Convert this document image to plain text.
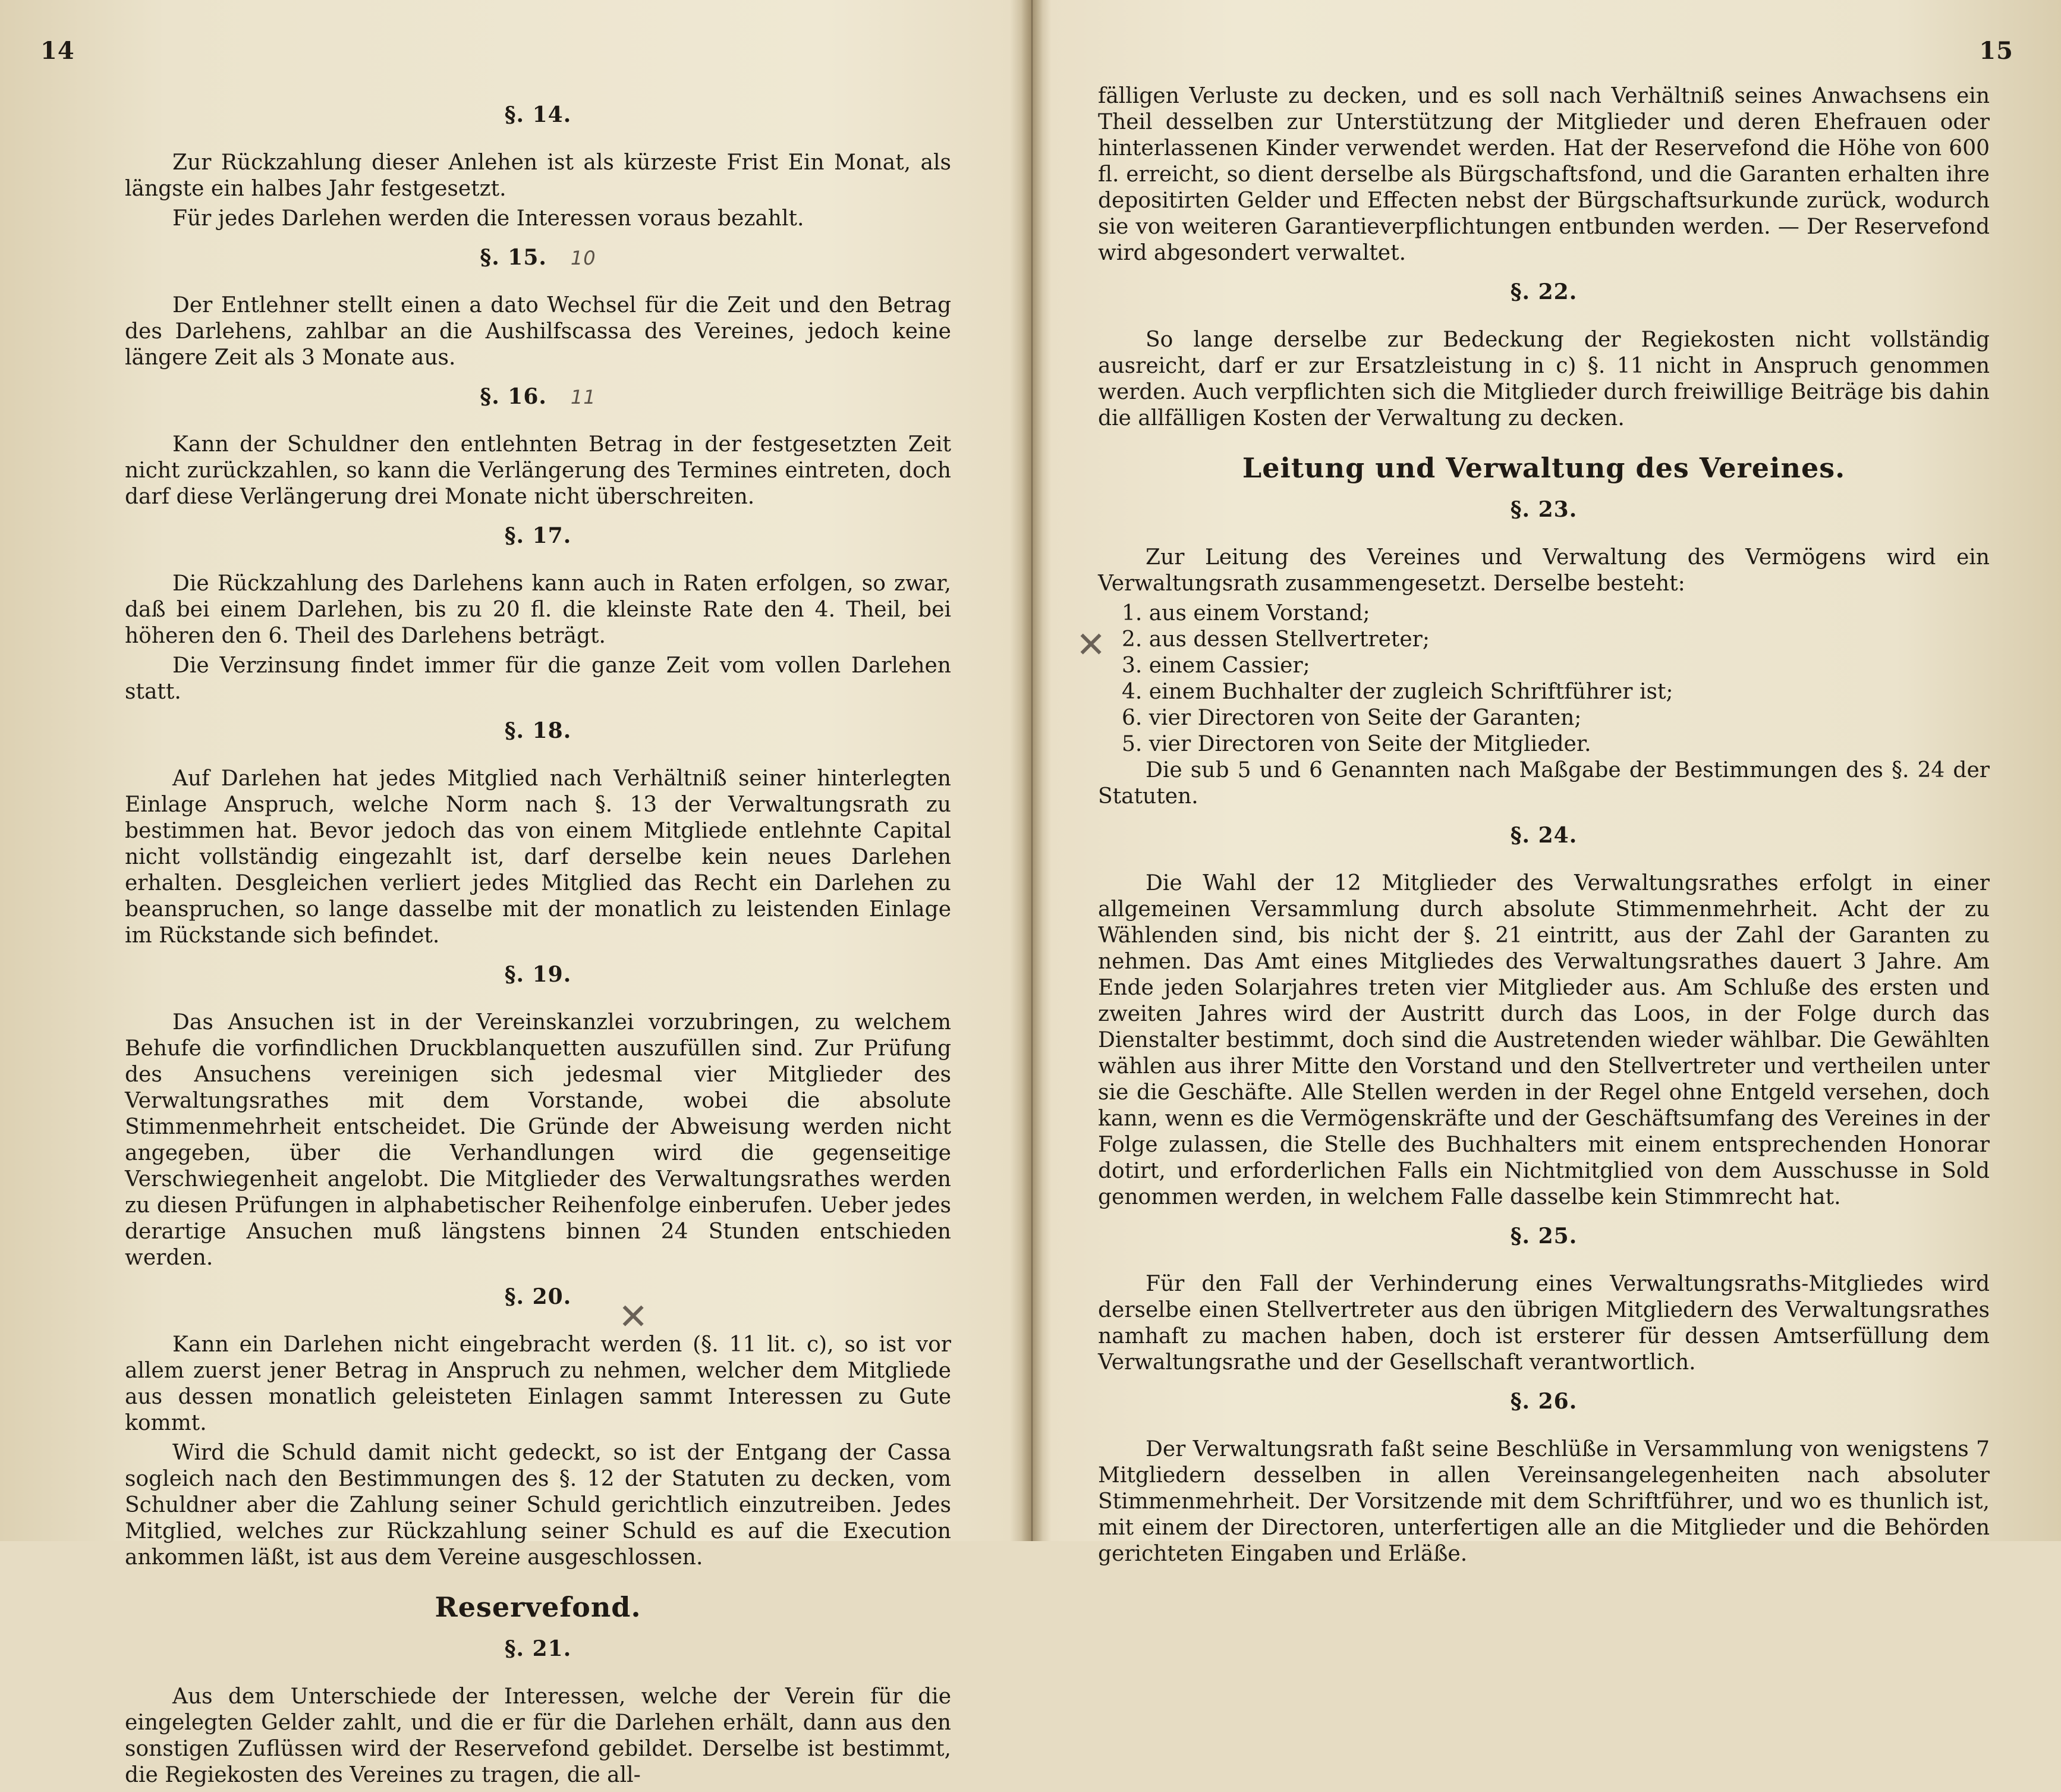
14
§. 14.

Zur Rückzahlung dieser Anlehen ist als kürzeste Frist Ein Monat, als längste ein halbes Jahr festgesetzt.

Für jedes Darlehen werden die Interessen voraus bezahlt.

§. 15. 10

Der Entlehner stellt einen a dato Wechsel für die Zeit und den Betrag des Darlehens, zahlbar an die Aushilfscassa des Vereines, jedoch keine längere Zeit als 3 Monate aus.

§. 16. 11

Kann der Schuldner den entlehnten Betrag in der festgesetzten Zeit nicht zurückzahlen, so kann die Verlängerung des Termines eintreten, doch darf diese Verlängerung drei Monate nicht überschreiten.

§. 17.

Die Rückzahlung des Darlehens kann auch in Raten erfolgen, so zwar, daß bei einem Darlehen, bis zu 20 fl. die kleinste Rate den 4. Theil, bei höheren den 6. Theil des Darlehens beträgt.

Die Verzinsung findet immer für die ganze Zeit vom vollen Darlehen statt.

§. 18.

Auf Darlehen hat jedes Mitglied nach Verhältniß seiner hinterlegten Einlage Anspruch, welche Norm nach §. 13 der Verwaltungsrath zu bestimmen hat. Bevor jedoch das von einem Mitgliede entlehnte Capital nicht vollständig eingezahlt ist, darf derselbe kein neues Darlehen erhalten. Desgleichen verliert jedes Mitglied das Recht ein Darlehen zu beanspruchen, so lange dasselbe mit der monatlich zu leistenden Einlage im Rückstande sich befindet.

§. 19.

Das Ansuchen ist in der Vereinskanzlei vorzubringen, zu welchem Behufe die vorfindlichen Druckblanquetten auszufüllen sind. Zur Prüfung des Ansuchens vereinigen sich jedesmal vier Mitglieder des Verwaltungsrathes mit dem Vorstande, wobei die absolute Stimmenmehrheit entscheidet. Die Gründe der Abweisung werden nicht angegeben, über die Verhandlungen wird die gegenseitige Verschwiegenheit angelobt. Die Mitglieder des Verwaltungsrathes werden zu diesen Prüfungen in alphabetischer Reihenfolge einberufen. Ueber jedes derartige Ansuchen muß längstens binnen 24 Stunden entschieden werden.

§. 20.

Kann ein Darlehen nicht eingebracht werden (§. 11 lit. c), so ist vor allem zuerst jener Betrag in Anspruch zu nehmen, welcher dem Mitgliede aus dessen monatlich geleisteten Einlagen sammt Interessen zu Gute kommt.

Wird die Schuld damit nicht gedeckt, so ist der Entgang der Cassa sogleich nach den Bestimmungen des §. 12 der Statuten zu decken, vom Schuldner aber die Zahlung seiner Schuld gerichtlich einzutreiben. Jedes Mitglied, welches zur Rückzahlung seiner Schuld es auf die Execution ankommen läßt, ist aus dem Vereine ausgeschlossen.

Reservefond.
§. 21.

Aus dem Unterschiede der Interessen, welche der Verein für die eingelegten Gelder zahlt, und die er für die Darlehen erhält, dann aus den sonstigen Zuflüssen wird der Reservefond gebildet. Derselbe ist bestimmt, die Regiekosten des Vereines zu tragen, die all-

15

fälligen Verluste zu decken, und es soll nach Verhältniß seines Anwachsens ein Theil desselben zur Unterstützung der Mitglieder und deren Ehefrauen oder hinterlassenen Kinder verwendet werden. Hat der Reservefond die Höhe von 600 fl. erreicht, so dient derselbe als Bürgschaftsfond, und die Garanten erhalten ihre depositirten Gelder und Effecten nebst der Bürgschaftsurkunde zurück, wodurch sie von weiteren Garantieverpflichtungen entbunden werden. — Der Reservefond wird abgesondert verwaltet.

§. 22.

So lange derselbe zur Bedeckung der Regiekosten nicht vollständig ausreicht, darf er zur Ersatzleistung in c) §. 11 nicht in Anspruch genommen werden. Auch verpflichten sich die Mitglieder durch freiwillige Beiträge bis dahin die allfälligen Kosten der Verwaltung zu decken.

Leitung und Verwaltung des Vereines.
§. 23.

Zur Leitung des Vereines und Verwaltung des Vermögens wird ein Verwaltungsrath zusammengesetzt. Derselbe besteht:

1. aus einem Vorstand;
2. aus dessen Stellvertreter;
3. einem Cassier;
4. einem Buchhalter der zugleich Schriftführer ist;
6. vier Directoren von Seite der Garanten;
5. vier Directoren von Seite der Mitglieder.

Die sub 5 und 6 Genannten nach Maßgabe der Bestimmungen des §. 24 der Statuten.

§. 24.

Die Wahl der 12 Mitglieder des Verwaltungsrathes erfolgt in einer allgemeinen Versammlung durch absolute Stimmenmehrheit. Acht der zu Wählenden sind, bis nicht der §. 21 eintritt, aus der Zahl der Garanten zu nehmen. Das Amt eines Mitgliedes des Verwaltungsrathes dauert 3 Jahre. Am Ende jeden Solarjahres treten vier Mitglieder aus. Am Schluße des ersten und zweiten Jahres wird der Austritt durch das Loos, in der Folge durch das Dienstalter bestimmt, doch sind die Austretenden wieder wählbar. Die Gewählten wählen aus ihrer Mitte den Vorstand und den Stellvertreter und vertheilen unter sie die Geschäfte. Alle Stellen werden in der Regel ohne Entgeld versehen, doch kann, wenn es die Vermögenskräfte und der Geschäftsumfang des Vereines in der Folge zulassen, die Stelle des Buchhalters mit einem entsprechenden Honorar dotirt, und erforderlichen Falls ein Nichtmitglied von dem Ausschusse in Sold genommen werden, in welchem Falle dasselbe kein Stimmrecht hat.

§. 25.

Für den Fall der Verhinderung eines Verwaltungsraths-Mitgliedes wird derselbe einen Stellvertreter aus den übrigen Mitgliedern des Verwaltungsrathes namhaft zu machen haben, doch ist ersterer für dessen Amtserfüllung dem Verwaltungsrathe und der Gesellschaft verantwortlich.

§. 26.

Der Verwaltungsrath faßt seine Beschlüße in Versammlung von wenigstens 7 Mitgliedern desselben in allen Vereinsangelegenheiten nach absoluter Stimmenmehrheit. Der Vorsitzende mit dem Schriftführer, und wo es thunlich ist, mit einem der Directoren, unterfertigen alle an die Mitglieder und die Behörden gerichteten Eingaben und Erläße.

✕
✕
